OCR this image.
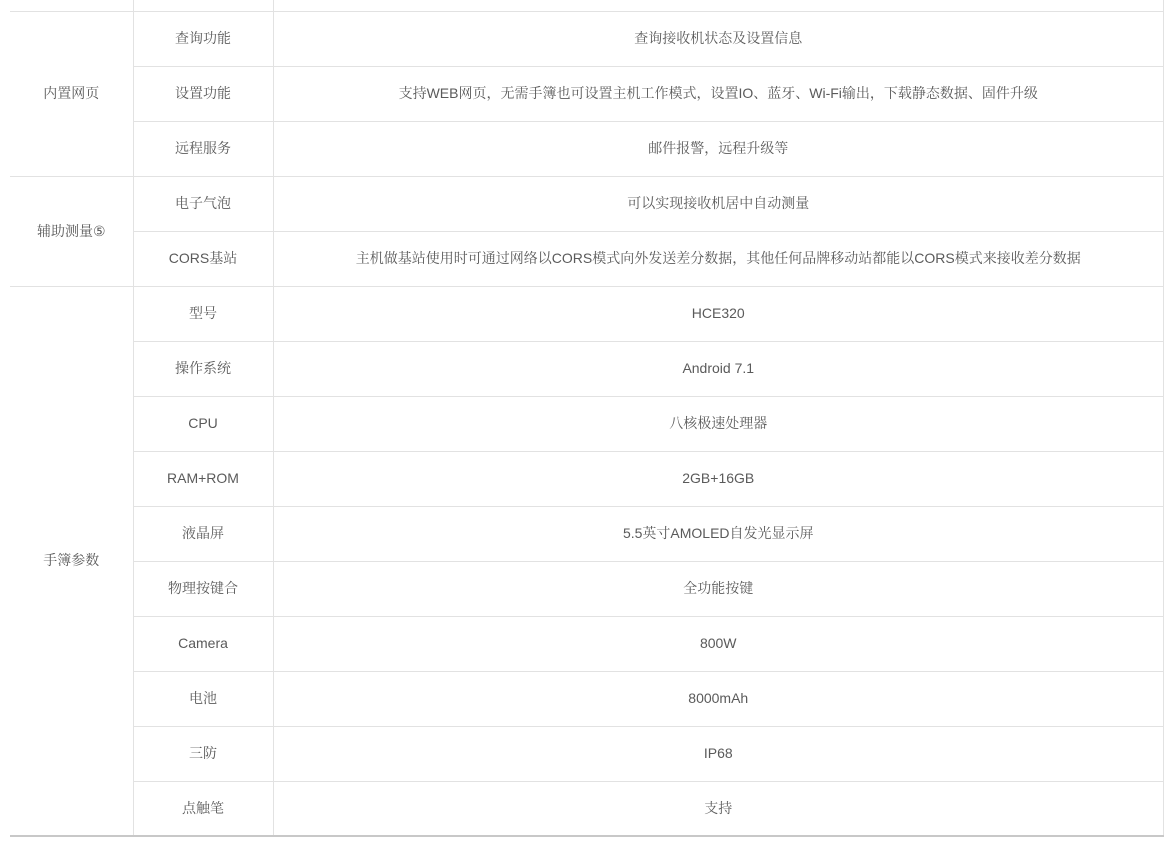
内置网页	查询功能	查询接收机状态及设置信息
	设置功能	支持WEB网页，无需手簿也可设置主机工作模式，设置IO、蓝牙、Wi-Fi输出，下载静态数据、固件升级
	远程服务	邮件报警，远程升级等
辅助测量⑤	电子气泡	可以实现接收机居中自动测量
	CORS基站	主机做基站使用时可通过网络以CORS模式向外发送差分数据，其他任何品牌移动站都能以CORS模式来接收差分数据
手簿参数	型号	HCE320
	操作系统	Android 7.1
	CPU	八核极速处理器
	RAM+ROM	2GB+16GB
	液晶屏	5.5英寸AMOLED自发光显示屏
	物理按键合	全功能按键
	Camera	800W
	电池	8000mAh
	三防	IP68
	点触笔	支持
